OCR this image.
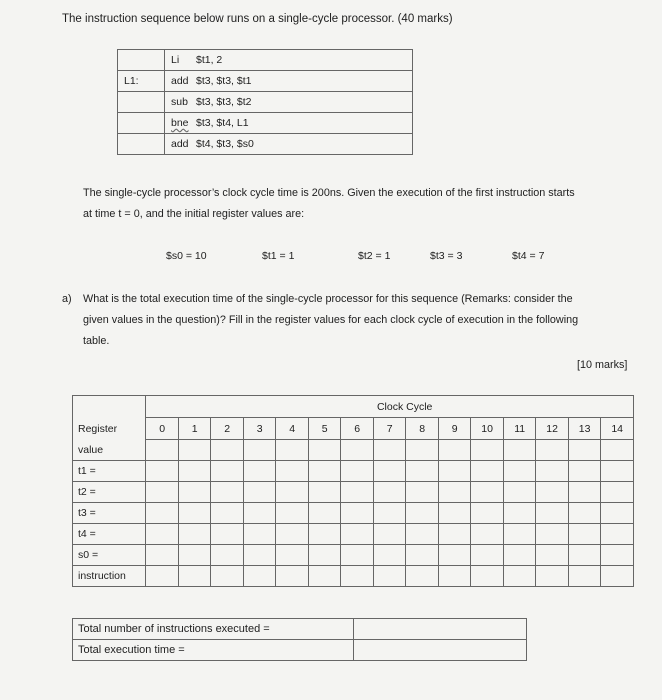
The instruction sequence below runs on a single-cycle processor. (40 marks)
	Li $t1, 2
L1:	add $t3, $t3, $t1
	sub $t3, $t3, $t2
	bne $t3, $t4, L1
	add $t4, $t3, $s0
The single-cycle processor’s clock cycle time is 200ns. Given the execution of the first instruction starts
at time t = 0, and the initial register values are:
$s0 = 10	$t1 = 1	$t2 = 1	$t3 = 3	$t4 = 7
a) What is the total execution time of the single-cycle processor for this sequence (Remarks: consider the
given values in the question)? Fill in the register values for each clock cycle of execution in the following
table.
[10 marks]
	Clock Cycle														
Register	0	1	2	3	4	5	6	7	8	9	10	11	12	13	14
value															
t1 =															
t2 =															
t3 =															
t4 =															
s0 =															
instruction															
Total number of instructions executed =	
Total execution time =	
